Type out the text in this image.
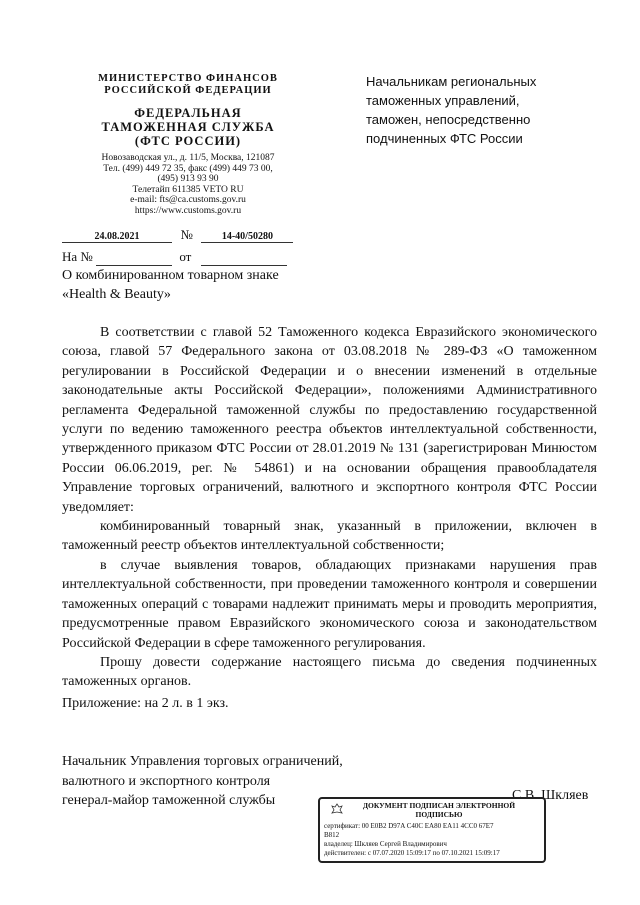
МИНИСТЕРСТВО ФИНАНСОВ
РОССИЙСКОЙ ФЕДЕРАЦИИ
ФЕДЕРАЛЬНАЯ
ТАМОЖЕННАЯ СЛУЖБА
(ФТС РОССИИ)
Новозаводская ул., д. 11/5, Москва, 121087
Тел. (499) 449 72 35, факс (499) 449 73 00,
(495) 913 93 90
Телетайп 611385 VETO RU
e-mail: fts@ca.customs.gov.ru
https://www.customs.gov.ru
Начальникам региональных
таможенных управлений,
таможен, непосредственно
подчиненных ФТС России
24.08.2021	№	14-40/50280
На №	от
О комбинированном товарном знаке
«Health & Beauty»

В соответствии с главой 52 Таможенного кодекса Евразийского экономического союза, главой 57 Федерального закона от 03.08.2018 № 289-ФЗ «О таможенном регулировании в Российской Федерации и о внесении изменений в отдельные законодательные акты Российской Федерации», положениями Административного регламента Федеральной таможенной службы по предоставлению государственной услуги по ведению таможенного реестра объектов интеллектуальной собственности, утвержденного приказом ФТС России от 28.01.2019 № 131 (зарегистрирован Минюстом России 06.06.2019, рег. № 54861) и на основании обращения правообладателя Управление торговых ограничений, валютного и экспортного контроля ФТС России уведомляет:

комбинированный товарный знак, указанный в приложении, включен в таможенный реестр объектов интеллектуальной собственности;

в случае выявления товаров, обладающих признаками нарушения прав интеллектуальной собственности, при проведении таможенного контроля и совершении таможенных операций с товарами надлежит принимать меры и проводить мероприятия, предусмотренные правом Евразийского экономического союза и законодательством Российской Федерации в сфере таможенного регулирования.

Прошу довести содержание настоящего письма до сведения подчиненных таможенных органов.

Приложение: на 2 л. в 1 экз.
Начальник Управления торговых ограничений,
валютного и экспортного контроля
генерал-майор таможенной службы	С.В. Шкляев
ДОКУМЕНТ ПОДПИСАН ЭЛЕКТРОННОЙ
ПОДПИСЬЮ
сертификат: 00 E0B2 D97A C40C EA80 EA11 4CC0 67E7
B812
владелец: Шкляев Сергей Владимирович
действителен: с 07.07.2020 15:09:17 по 07.10.2021 15:09:17
